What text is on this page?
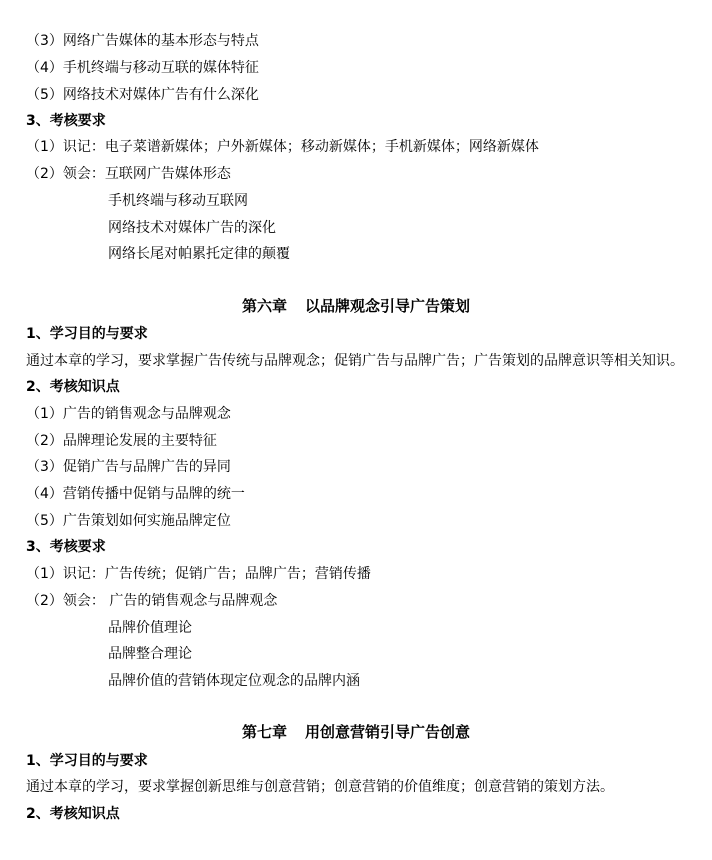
（3）网络广告媒体的基本形态与特点
（4）手机终端与移动互联的媒体特征
（5）网络技术对媒体广告有什么深化
3、考核要求
（1）识记：电子菜谱新媒体；户外新媒体；移动新媒体；手机新媒体；网络新媒体
（2）领会：互联网广告媒体形态
手机终端与移动互联网
网络技术对媒体广告的深化
网络长尾对帕累托定律的颠覆
第六章 以品牌观念引导广告策划
1、学习目的与要求
通过本章的学习，要求掌握广告传统与品牌观念；促销广告与品牌广告；广告策划的品牌意识等相关知识。
2、考核知识点
（1）广告的销售观念与品牌观念
（2）品牌理论发展的主要特征
（3）促销广告与品牌广告的异同
（4）营销传播中促销与品牌的统一
（5）广告策划如何实施品牌定位
3、考核要求
（1）识记：广告传统；促销广告；品牌广告；营销传播
（2）领会： 广告的销售观念与品牌观念
品牌价值理论
品牌整合理论
品牌价值的营销体现定位观念的品牌内涵
第七章 用创意营销引导广告创意
1、学习目的与要求
通过本章的学习，要求掌握创新思维与创意营销；创意营销的价值维度；创意营销的策划方法。
2、考核知识点
